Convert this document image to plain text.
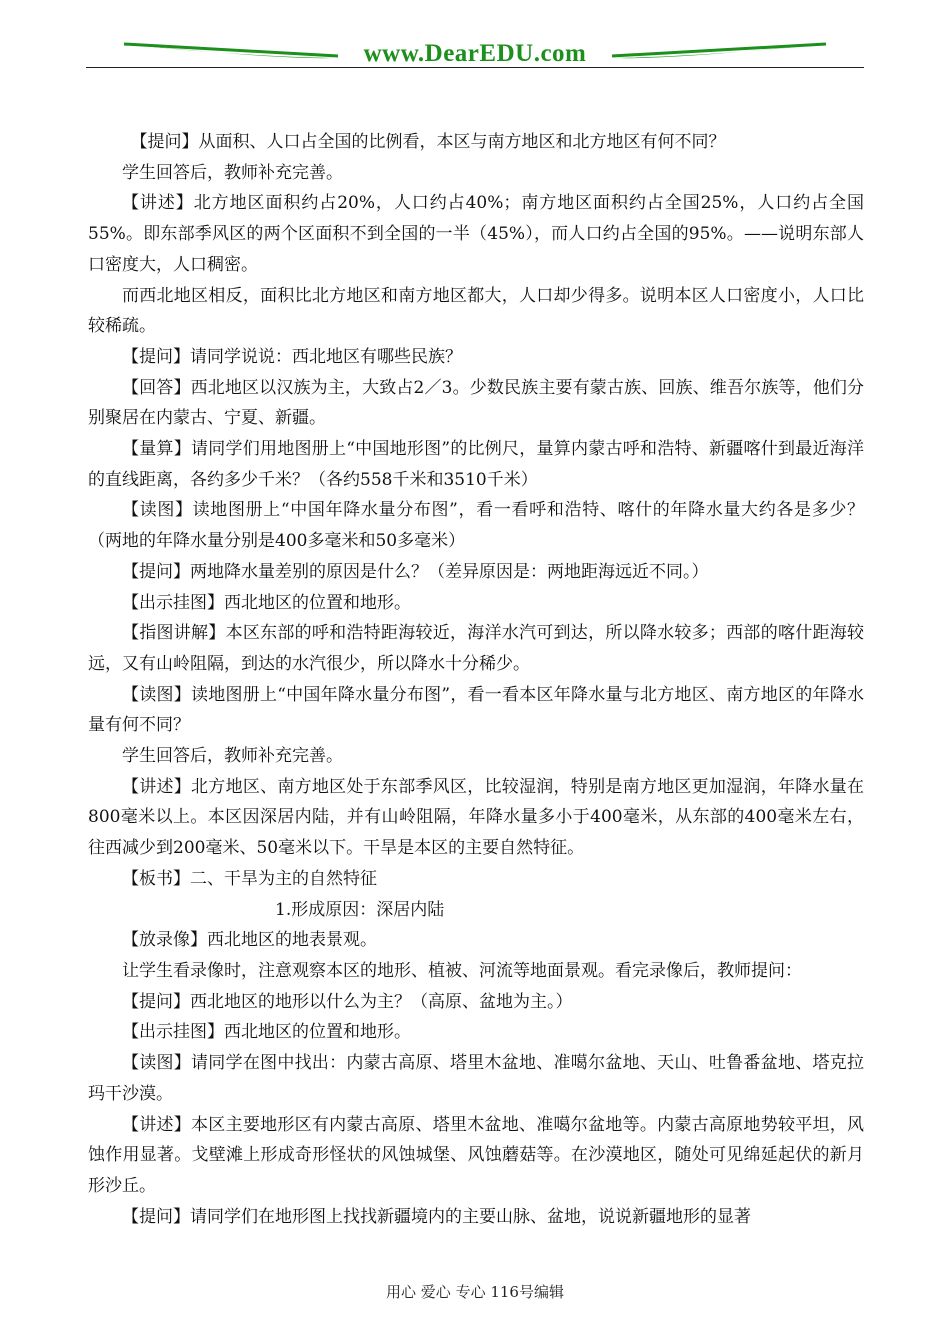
www.DearEDU.com

【提问】从面积、人口占全国的比例看，本区与南方地区和北方地区有何不同？

学生回答后，教师补充完善。

【讲述】北方地区面积约占20%，人口约占40%；南方地区面积约占全国25%，人口约占全国55%。即东部季风区的两个区面积不到全国的一半（45%），而人口约占全国的95%。——说明东部人口密度大，人口稠密。

而西北地区相反，面积比北方地区和南方地区都大，人口却少得多。说明本区人口密度小，人口比较稀疏。

【提问】请同学说说：西北地区有哪些民族？

【回答】西北地区以汉族为主，大致占2／3。少数民族主要有蒙古族、回族、维吾尔族等，他们分别聚居在内蒙古、宁夏、新疆。

【量算】请同学们用地图册上“中国地形图”的比例尺，量算内蒙古呼和浩特、新疆喀什到最近海洋的直线距离，各约多少千米？（各约558千米和3510千米）

【读图】读地图册上“中国年降水量分布图”，看一看呼和浩特、喀什的年降水量大约各是多少？（两地的年降水量分别是400多毫米和50多毫米）

【提问】两地降水量差别的原因是什么？（差异原因是：两地距海远近不同。）

【出示挂图】西北地区的位置和地形。

【指图讲解】本区东部的呼和浩特距海较近，海洋水汽可到达，所以降水较多；西部的喀什距海较远，又有山岭阻隔，到达的水汽很少，所以降水十分稀少。

【读图】读地图册上“中国年降水量分布图”，看一看本区年降水量与北方地区、南方地区的年降水量有何不同？

学生回答后，教师补充完善。

【讲述】北方地区、南方地区处于东部季风区，比较湿润，特别是南方地区更加湿润，年降水量在800毫米以上。本区因深居内陆，并有山岭阻隔，年降水量多小于400毫米，从东部的400毫米左右，往西减少到200毫米、50毫米以下。干旱是本区的主要自然特征。

【板书】二、干旱为主的自然特征

1.形成原因：深居内陆

【放录像】西北地区的地表景观。

让学生看录像时，注意观察本区的地形、植被、河流等地面景观。看完录像后，教师提问：

【提问】西北地区的地形以什么为主？（高原、盆地为主。）

【出示挂图】西北地区的位置和地形。

【读图】请同学在图中找出：内蒙古高原、塔里木盆地、准噶尔盆地、天山、吐鲁番盆地、塔克拉玛干沙漠。

【讲述】本区主要地形区有内蒙古高原、塔里木盆地、准噶尔盆地等。内蒙古高原地势较平坦，风蚀作用显著。戈壁滩上形成奇形怪状的风蚀城堡、风蚀蘑菇等。在沙漠地区，随处可见绵延起伏的新月形沙丘。

【提问】请同学们在地形图上找找新疆境内的主要山脉、盆地，说说新疆地形的显著

用心 爱心 专心 116号编辑
